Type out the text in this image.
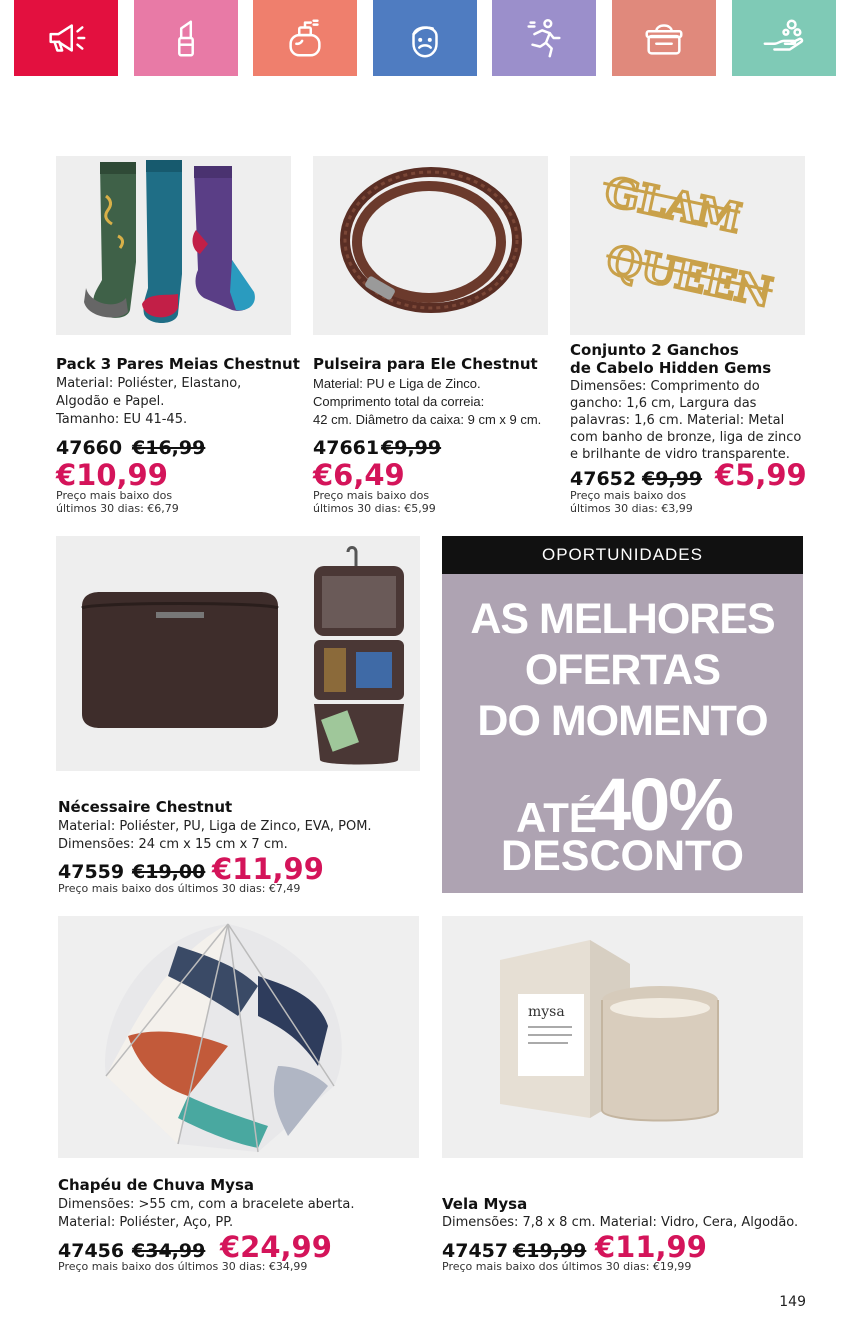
Pack 3 Pares Meias Chestnut
Material: Poliéster, Elastano,
Algodão e Papel.
Tamanho: EU 41-45.
47660 €16,99
€10,99
Preço mais baixo dos
últimos 30 dias: €6,79
Pulseira para Ele Chestnut
Material: PU e Liga de Zinco.
Comprimento total da correia:
42 cm. Diâmetro da caixa: 9 cm x 9 cm.
47661 €9,99
€6,49
Preço mais baixo dos
últimos 30 dias: €5,99
GLAM
QUEEN
Conjunto 2 Ganchos
de Cabelo Hidden Gems
Dimensões: Comprimento do
gancho: 1,6 cm, Largura das
palavras: 1,6 cm. Material: Metal
com banho de bronze, liga de zinco
e brilhante de vidro transparente.
47652 €9,99 €5,99
Preço mais baixo dos
últimos 30 dias: €3,99
Nécessaire Chestnut
Material: Poliéster, PU, Liga de Zinco, EVA, POM.
Dimensões: 24 cm x 15 cm x 7 cm.
47559 €19,00 €11,99
Preço mais baixo dos últimos 30 dias: €7,49
OPORTUNIDADES
AS MELHORES
OFERTAS
DO MOMENTO
ATÉ
40%
DESCONTO
Chapéu de Chuva Mysa
Dimensões: >55 cm, com a bracelete aberta.
Material: Poliéster, Aço, PP.
47456 €34,99 €24,99
Preço mais baixo dos últimos 30 dias: €34,99
mysa
Vela Mysa
Dimensões: 7,8 x 8 cm. Material: Vidro, Cera, Algodão.
47457 €19,99 €11,99
Preço mais baixo dos últimos 30 dias: €19,99
149
